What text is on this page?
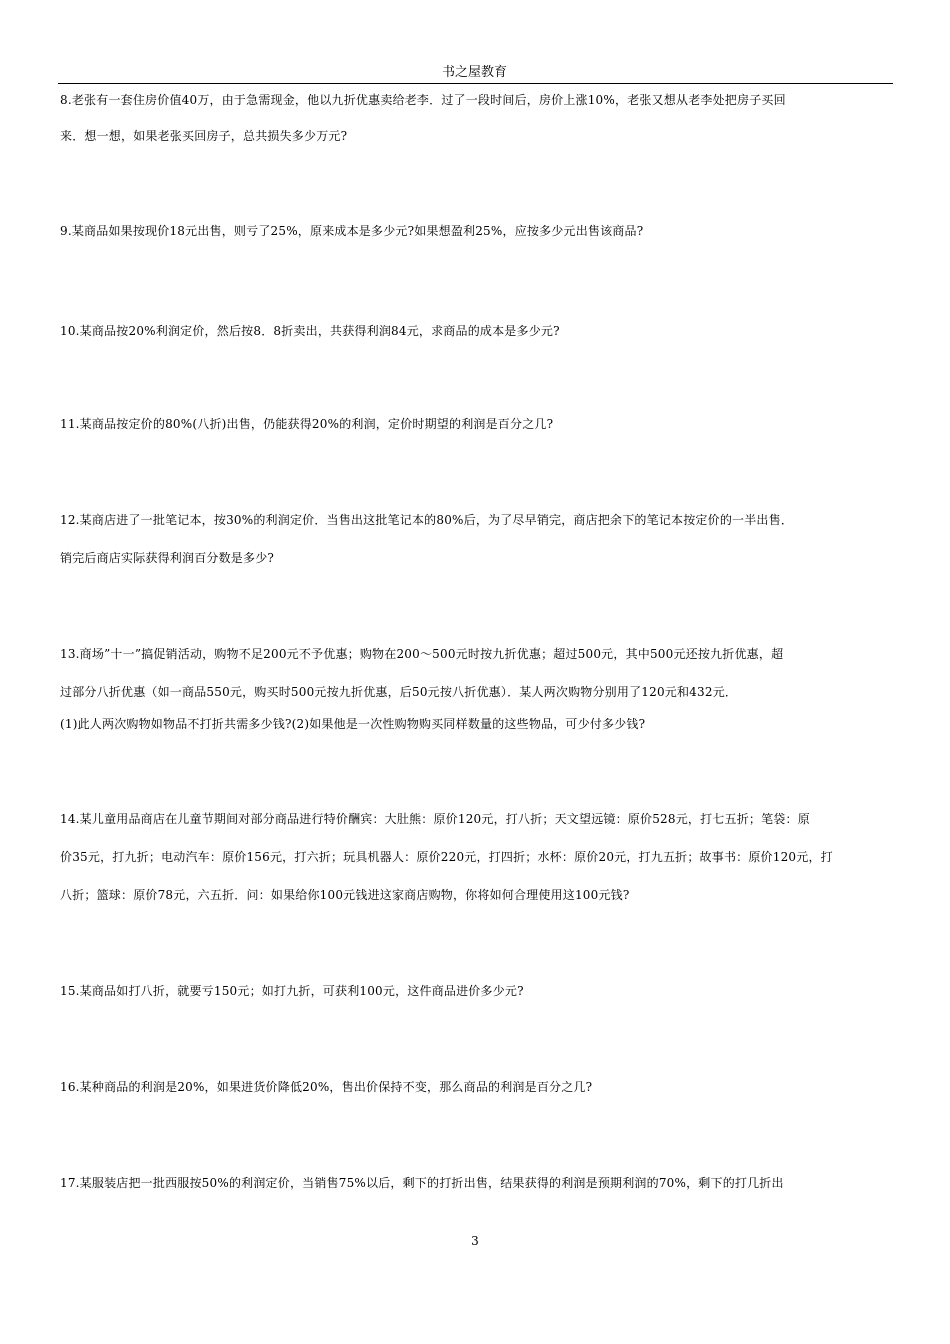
书之屋教育
8.老张有一套住房价值40万，由于急需现金，他以九折优惠卖给老李．过了一段时间后，房价上涨10%，老张又想从老李处把房子买回
来．想一想，如果老张买回房子，总共损失多少万元?
9.某商品如果按现价18元出售，则亏了25%，原来成本是多少元?如果想盈利25%，应按多少元出售该商品?
10.某商品按20%利润定价，然后按8．8折卖出，共获得利润84元，求商品的成本是多少元?
11.某商品按定价的80%(八折)出售，仍能获得20%的利润，定价时期望的利润是百分之几?
12.某商店进了一批笔记本，按30%的利润定价．当售出这批笔记本的80%后，为了尽早销完，商店把余下的笔记本按定价的一半出售．
销完后商店实际获得利润百分数是多少?
13.商场”十一”搞促销活动，购物不足200元不予优惠；购物在200～500元时按九折优惠；超过500元，其中500元还按九折优惠，超
过部分八折优惠（如一商品550元，购买时500元按九折优惠，后50元按八折优惠）．某人两次购物分别用了120元和432元．
(1)此人两次购物如物品不打折共需多少钱?(2)如果他是一次性购物购买同样数量的这些物品，可少付多少钱?
14.某儿童用品商店在儿童节期间对部分商品进行特价酬宾：大肚熊：原价120元，打八折；天文望远镜：原价528元，打七五折；笔袋：原
价35元，打九折；电动汽车：原价156元，打六折；玩具机器人：原价220元，打四折；水杯：原价20元，打九五折；故事书：原价120元，打
八折；篮球：原价78元，六五折．问：如果给你100元钱进这家商店购物，你将如何合理使用这100元钱?
15.某商品如打八折，就要亏150元；如打九折，可获利100元，这件商品进价多少元?
16.某种商品的利润是20%，如果进货价降低20%，售出价保持不变，那么商品的利润是百分之几?
17.某服装店把一批西服按50%的利润定价，当销售75%以后，剩下的打折出售，结果获得的利润是预期利润的70%，剩下的打几折出
3
